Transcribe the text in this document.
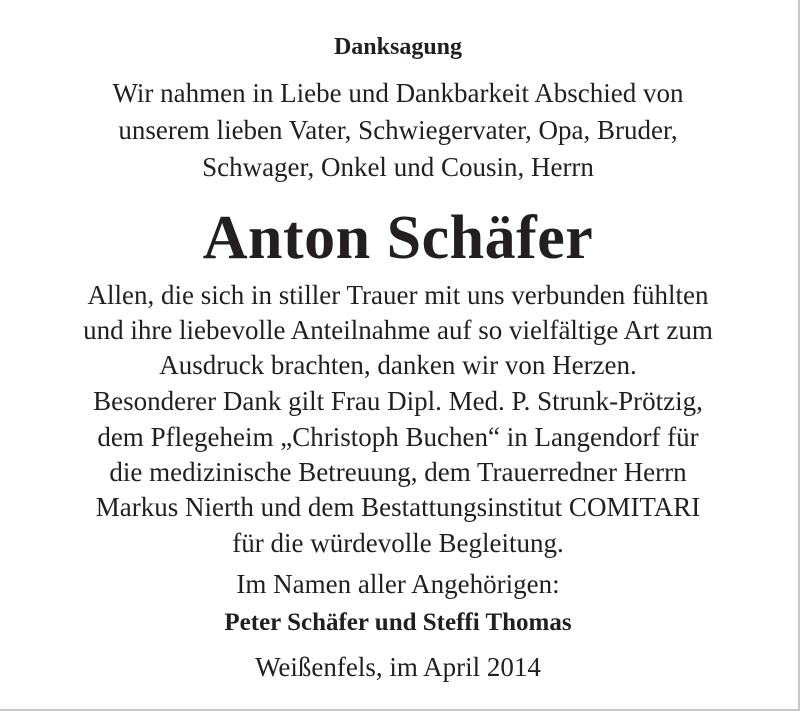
Danksagung
Wir nahmen in Liebe und Dankbarkeit Abschied von
unserem lieben Vater, Schwiegervater, Opa, Bruder,
Schwager, Onkel und Cousin, Herrn
Anton Schäfer
Allen, die sich in stiller Trauer mit uns verbunden fühlten
und ihre liebevolle Anteilnahme auf so vielfältige Art zum
Ausdruck brachten, danken wir von Herzen.
Besonderer Dank gilt Frau Dipl. Med. P. Strunk-Prötzig,
dem Pflegeheim „Christoph Buchen“ in Langendorf für
die medizinische Betreuung, dem Trauerredner Herrn
Markus Nierth und dem Bestattungsinstitut COMITARI
für die würdevolle Begleitung.
Im Namen aller Angehörigen:
Peter Schäfer und Steffi Thomas
Weißenfels, im April 2014
